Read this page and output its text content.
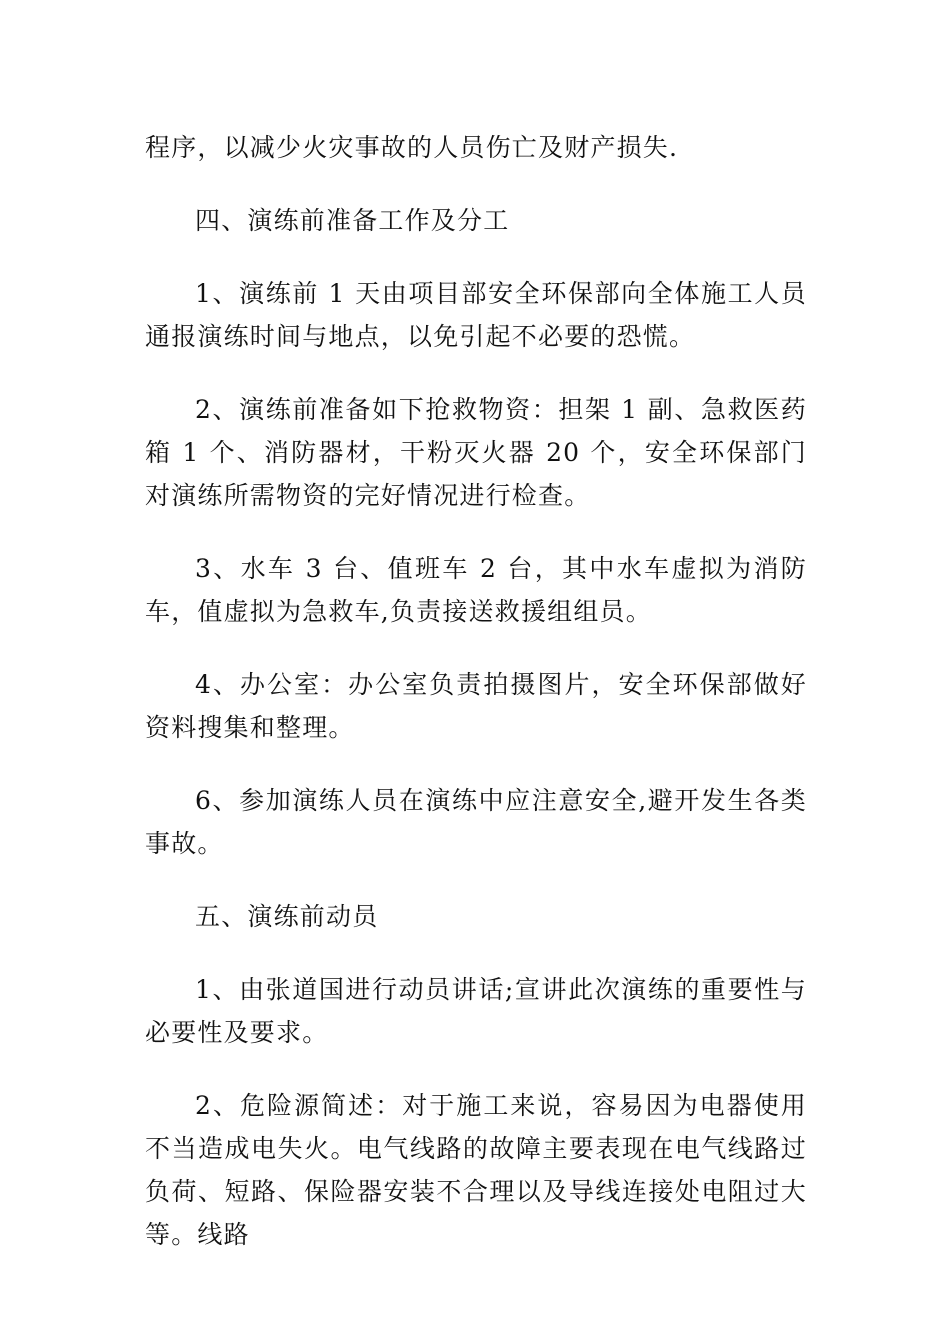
程序，以减少火灾事故的人员伤亡及财产损失.

四、演练前准备工作及分工

1、演练前 1 天由项目部安全环保部向全体施工人员通报演练时间与地点，以免引起不必要的恐慌。

2、演练前准备如下抢救物资：担架 1 副、急救医药箱 1 个、消防器材，干粉灭火器 20 个，安全环保部门对演练所需物资的完好情况进行检查。

3、水车 3 台、值班车 2 台，其中水车虚拟为消防车，值虚拟为急救车,负责接送救援组组员。

4、办公室：办公室负责拍摄图片，安全环保部做好资料搜集和整理。

6、参加演练人员在演练中应注意安全,避开发生各类事故。

五、演练前动员

1、由张道国进行动员讲话;宣讲此次演练的重要性与必要性及要求。

2、危险源简述：对于施工来说，容易因为电器使用不当造成电失火。电气线路的故障主要表现在电气线路过负荷、短路、保险器安装不合理以及导线连接处电阻过大等。线路
